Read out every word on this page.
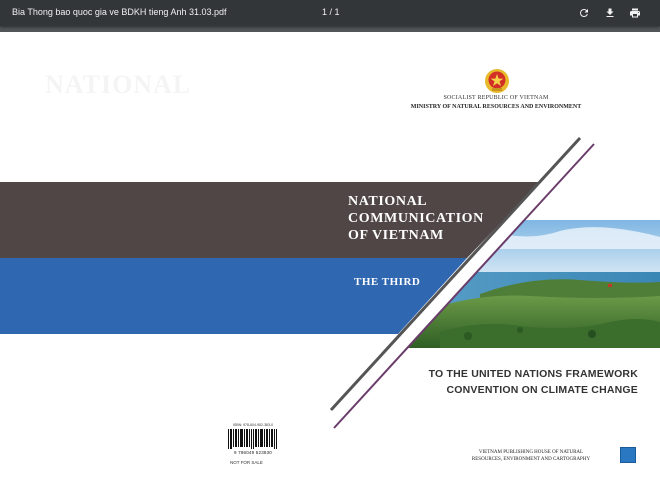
Bia Thong bao quoc gia ve BDKH tieng Anh 31.03.pdf	1 / 1
SOCIALIST REPUBLIC OF VIETNAM
MINISTRY OF NATURAL RESOURCES AND ENVIRONMENT
NATIONAL
COMMUNICATION
OF VIETNAM
THE THIRD
TO THE UNITED NATIONS FRAMEWORK
CONVENTION ON CLIMATE CHANGE
ISBN: 978-604-952-383-0
9 786049 523830
NOT FOR SALE
VIETNAM PUBLISHING HOUSE OF NATURAL
RESOURCES, ENVIRONMENT AND CARTOGRAPHY
